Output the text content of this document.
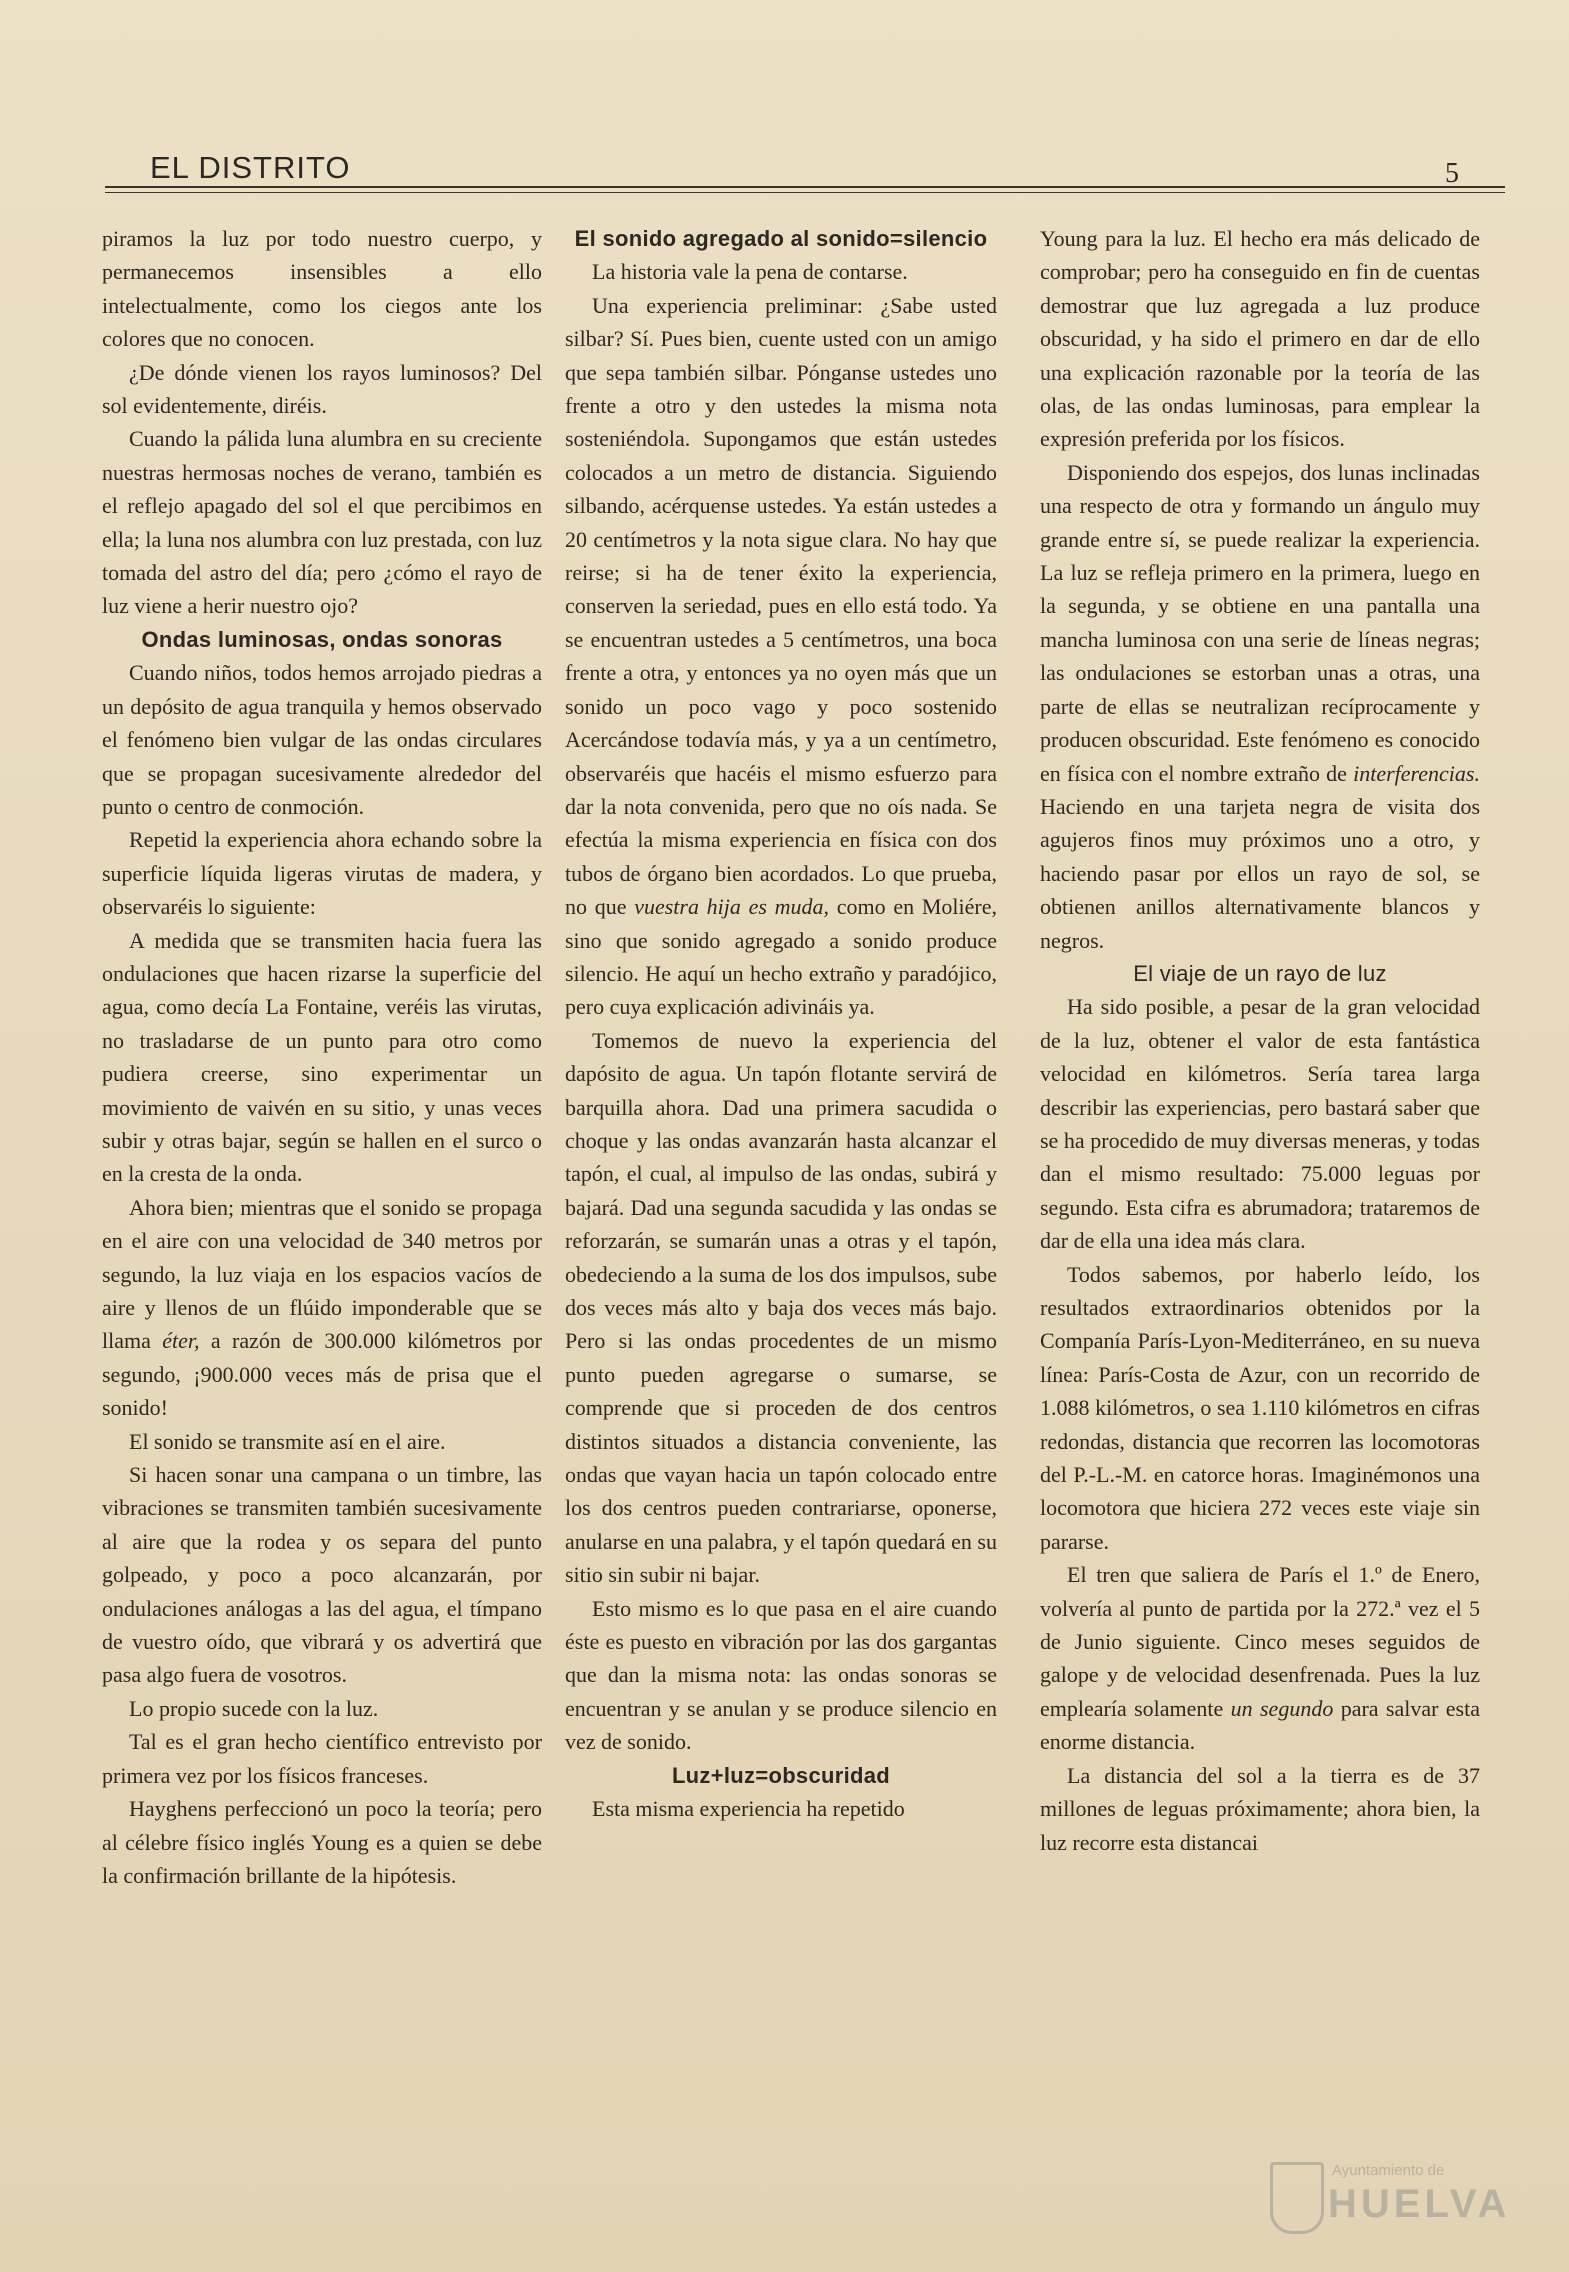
EL DISTRITO	5

piramos la luz por todo nuestro cuerpo, y permanecemos insensibles a ello intelectualmente, como los ciegos ante los colores que no conocen.

¿De dónde vienen los rayos luminosos? Del sol evidentemente, diréis.

Cuando la pálida luna alumbra en su creciente nuestras hermosas noches de verano, también es el reflejo apagado del sol el que percibimos en ella; la luna nos alumbra con luz prestada, con luz tomada del astro del día; pero ¿cómo el rayo de luz viene a herir nuestro ojo?

Ondas luminosas, ondas sonoras

Cuando niños, todos hemos arrojado piedras a un depósito de agua tranquila y hemos observado el fenómeno bien vulgar de las ondas circulares que se propagan sucesivamente alrededor del punto o centro de conmoción.

Repetid la experiencia ahora echando sobre la superficie líquida ligeras virutas de madera, y observaréis lo siguiente:

A medida que se transmiten hacia fuera las ondulaciones que hacen rizarse la superficie del agua, como decía La Fontaine, veréis las virutas, no trasladarse de un punto para otro como pudiera creerse, sino experimentar un movimiento de vaivén en su sitio, y unas veces subir y otras bajar, según se hallen en el surco o en la cresta de la onda.

Ahora bien; mientras que el sonido se propaga en el aire con una velocidad de 340 metros por segundo, la luz viaja en los espacios vacíos de aire y llenos de un flúido imponderable que se llama éter, a razón de 300.000 kilómetros por segundo, ¡900.000 veces más de prisa que el sonido!

El sonido se transmite así en el aire.

Si hacen sonar una campana o un timbre, las vibraciones se transmiten también sucesivamente al aire que la rodea y os separa del punto golpeado, y poco a poco alcanzarán, por ondulaciones análogas a las del agua, el tímpano de vuestro oído, que vibrará y os advertirá que pasa algo fuera de vosotros.

Lo propio sucede con la luz.

Tal es el gran hecho científico entrevisto por primera vez por los físicos franceses.

Hayghens perfeccionó un poco la teoría; pero al célebre físico inglés Young es a quien se debe la confirmación brillante de la hipótesis.

El sonido agregado al sonido=silencio

La historia vale la pena de contarse.

Una experiencia preliminar: ¿Sabe usted silbar? Sí. Pues bien, cuente usted con un amigo que sepa también silbar. Pónganse ustedes uno frente a otro y den ustedes la misma nota sosteniéndola. Supongamos que están ustedes colocados a un metro de distancia. Siguiendo silbando, acérquense ustedes. Ya están ustedes a 20 centímetros y la nota sigue clara. No hay que reirse; si ha de tener éxito la experiencia, conserven la seriedad, pues en ello está todo. Ya se encuentran ustedes a 5 centímetros, una boca frente a otra, y entonces ya no oyen más que un sonido un poco vago y poco sostenido Acercándose todavía más, y ya a un centímetro, observaréis que hacéis el mismo esfuerzo para dar la nota convenida, pero que no oís nada. Se efectúa la misma experiencia en física con dos tubos de órgano bien acordados. Lo que prueba, no que vuestra hija es muda, como en Moliére, sino que sonido agregado a sonido produce silencio. He aquí un hecho extraño y paradójico, pero cuya explicación adivináis ya.

Tomemos de nuevo la experiencia del dapósito de agua. Un tapón flotante servirá de barquilla ahora. Dad una primera sacudida o choque y las ondas avanzarán hasta alcanzar el tapón, el cual, al impulso de las ondas, subirá y bajará. Dad una segunda sacudida y las ondas se reforzarán, se sumarán unas a otras y el tapón, obedeciendo a la suma de los dos impulsos, sube dos veces más alto y baja dos veces más bajo. Pero si las ondas procedentes de un mismo punto pueden agregarse o sumarse, se comprende que si proceden de dos centros distintos situados a distancia conveniente, las ondas que vayan hacia un tapón colocado entre los dos centros pueden contrariarse, oponerse, anularse en una palabra, y el tapón quedará en su sitio sin subir ni bajar.

Esto mismo es lo que pasa en el aire cuando éste es puesto en vibración por las dos gargantas que dan la misma nota: las ondas sonoras se encuentran y se anulan y se produce silencio en vez de sonido.

Luz+luz=obscuridad

Esta misma experiencia ha repetido

Young para la luz. El hecho era más delicado de comprobar; pero ha conseguido en fin de cuentas demostrar que luz agregada a luz produce obscuridad, y ha sido el primero en dar de ello una explicación razonable por la teoría de las olas, de las ondas luminosas, para emplear la expresión preferida por los físicos.

Disponiendo dos espejos, dos lunas inclinadas una respecto de otra y formando un ángulo muy grande entre sí, se puede realizar la experiencia. La luz se refleja primero en la primera, luego en la segunda, y se obtiene en una pantalla una mancha luminosa con una serie de líneas negras; las ondulaciones se estorban unas a otras, una parte de ellas se neutralizan recíprocamente y producen obscuridad. Este fenómeno es conocido en física con el nombre extraño de interferencias. Haciendo en una tarjeta negra de visita dos agujeros finos muy próximos uno a otro, y haciendo pasar por ellos un rayo de sol, se obtienen anillos alternativamente blancos y negros.

El viaje de un rayo de luz

Ha sido posible, a pesar de la gran velocidad de la luz, obtener el valor de esta fantástica velocidad en kilómetros. Sería tarea larga describir las experiencias, pero bastará saber que se ha procedido de muy diversas meneras, y todas dan el mismo resultado: 75.000 leguas por segundo. Esta cifra es abrumadora; trataremos de dar de ella una idea más clara.

Todos sabemos, por haberlo leído, los resultados extraordinarios obtenidos por la Companía París-Lyon-Mediterráneo, en su nueva línea: París-Costa de Azur, con un recorrido de 1.088 kilómetros, o sea 1.110 kilómetros en cifras redondas, distancia que recorren las locomotoras del P.-L.-M. en catorce horas. Imaginémonos una locomotora que hiciera 272 veces este viaje sin pararse.

El tren que saliera de París el 1.º de Enero, volvería al punto de partida por la 272.ª vez el 5 de Junio siguiente. Cinco meses seguidos de galope y de velocidad desenfrenada. Pues la luz emplearía solamente un segundo para salvar esta enorme distancia.

La distancia del sol a la tierra es de 37 millones de leguas próximamente; ahora bien, la luz recorre esta distancai

Ayuntamiento de
HUELVA
